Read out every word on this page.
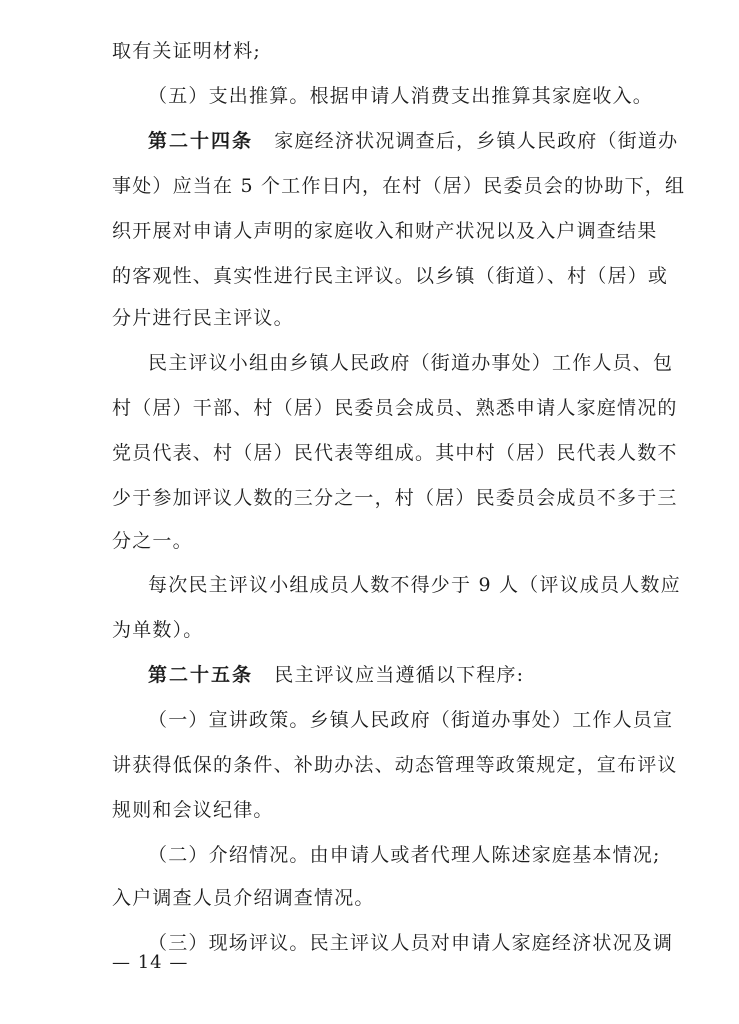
取有关证明材料;
（五）支出推算。根据申请人消费支出推算其家庭收入。
第二十四条 家庭经济状况调查后，乡镇人民政府（街道办
事处）应当在 5 个工作日内，在村（居）民委员会的协助下，组
织开展对申请人声明的家庭收入和财产状况以及入户调查结果
的客观性、真实性进行民主评议。以乡镇（街道）、村（居）或
分片进行民主评议。
民主评议小组由乡镇人民政府（街道办事处）工作人员、包
村（居）干部、村（居）民委员会成员、熟悉申请人家庭情况的
党员代表、村（居）民代表等组成。其中村（居）民代表人数不
少于参加评议人数的三分之一，村（居）民委员会成员不多于三
分之一。
每次民主评议小组成员人数不得少于 9 人（评议成员人数应
为单数）。
第二十五条 民主评议应当遵循以下程序:
（一）宣讲政策。乡镇人民政府（街道办事处）工作人员宣
讲获得低保的条件、补助办法、动态管理等政策规定，宣布评议
规则和会议纪律。
（二）介绍情况。由申请人或者代理人陈述家庭基本情况;
入户调查人员介绍调查情况。
（三）现场评议。民主评议人员对申请人家庭经济状况及调
— 14 —
